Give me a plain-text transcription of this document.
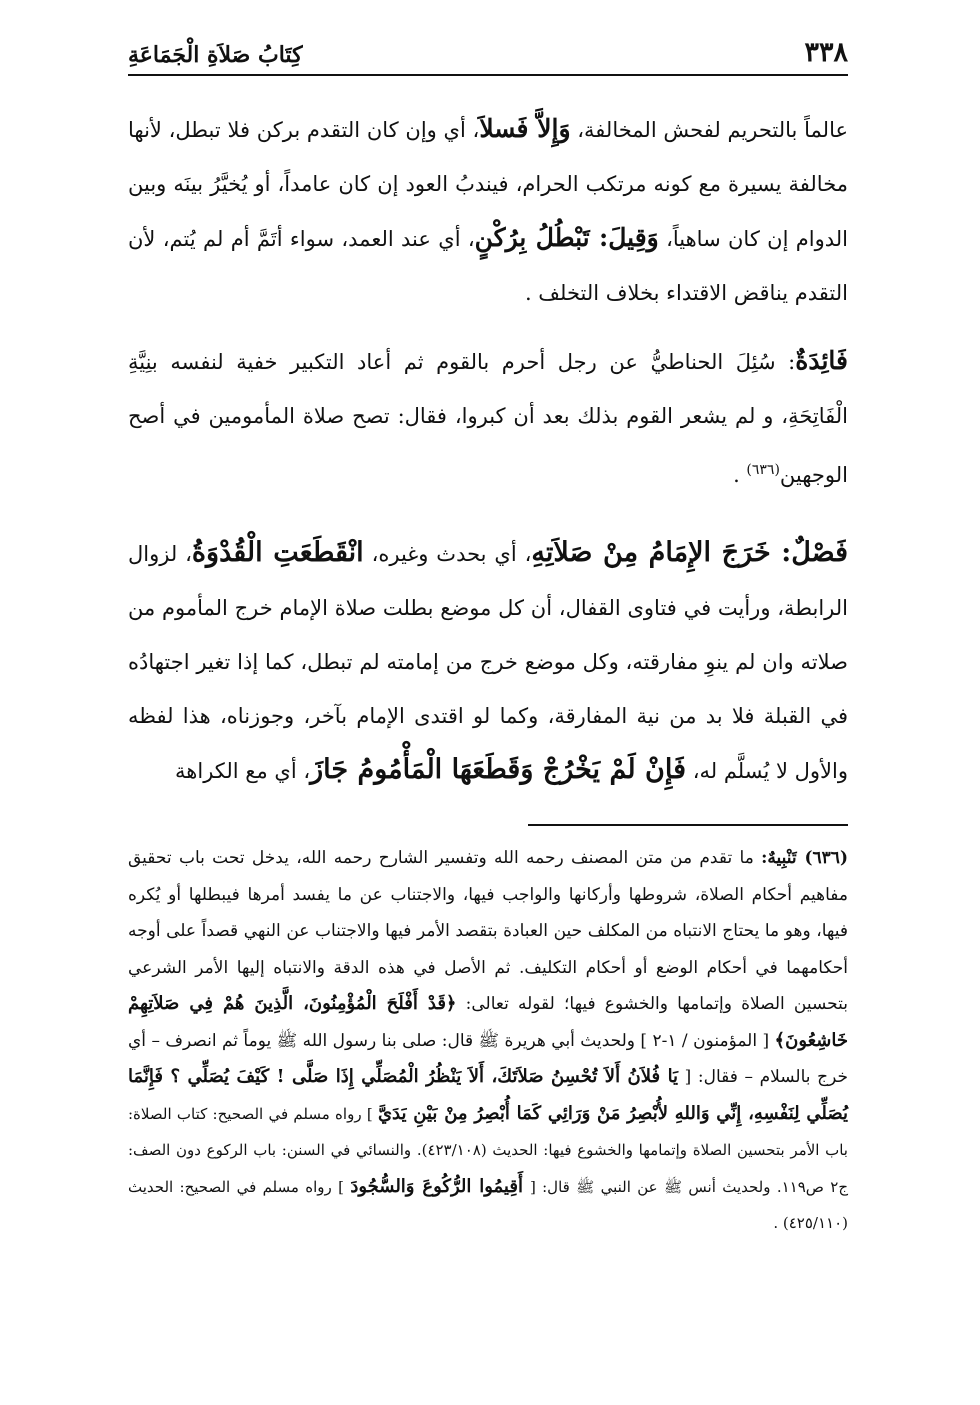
٣٣٨
كِتَابُ صَلاَةِ الْجَمَاعَةِ

عالماً بالتحريم لفحش المخالفة، وَإِلاَّ فَسلاَ، أي وإن كان التقدم بركن فلا تبطل، لأنها مخالفة يسيرة مع كونه مرتكب الحرام، فيندبُ العود إن كان عامداً، أو يُخيَّرُ بينَه وبين الدوام إن كان ساهياً، وَقِيلَ: تَبْطُلُ بِرُكْنٍ، أي عند العمد، سواء أتَمَّ أم لم يُتم، لأن التقدم يناقض الاقتداء بخلاف التخلف .

فَائِدَةٌ: سُئِلَ الحناطيُّ عن رجل أحرم بالقوم ثم أعاد التكبير خفية لنفسه بنِيَّةِ الْفَاتِحَةِ، و لم يشعر القوم بذلك بعد أن كبروا، فقال: تصح صلاة المأمومين في أصح الوجهين$^{(٦٣٦)}$ .

فَصْلٌ: خَرَجَ الإِمَامُ مِنْ صَلاَتِهِ، أي بحدث وغيره، انْقَطَعَتِ الْقُدْوَةُ، لزوال الرابطة، ورأيت في فتاوى القفال، أن كل موضع بطلت صلاة الإمام خرج المأموم من صلاته وان لم ينوِ مفارقته، وكل موضع خرج من إمامته لم تبطل، كما إذا تغير اجتهادُه في القبلة فلا بد من نية المفارقة، وكما لو اقتدى الإمام بآخر، وجوزناه، هذا لفظه والأول لا يُسلَّم له، فَإِنْ لَمْ يَخْرُجْ وَقَطَعَهَا الْمَأْمُومُ جَازَ، أي مع الكراهة

(٦٣٦) تَنْبِيهٌ: ما تقدم من متن المصنف رحمه الله وتفسير الشارح رحمه الله، يدخل تحت باب تحقيق مفاهيم أحكام الصلاة، شروطها وأركانها والواجب فيها، والاجتناب عن ما يفسد أمرها فيبطلها أو يُكره فيها، وهو ما يحتاج الانتباه من المكلف حين العبادة بتقصد الأمر فيها والاجتناب عن النهي قصداً على أوجه أحكامهما في أحكام الوضع أو أحكام التكليف. ثم الأصل في هذه الدقة والانتباه إليها الأمر الشرعي بتحسين الصلاة وإتمامها والخشوع فيها؛ لقوله تعالى: ﴿قَدْ أَفْلَحَ الْمُؤْمِنُونَ، الَّذِينَ هُمْ فِي صَلاَتِهِمْ خَاشِعُونَ﴾ [ المؤمنون / ١-٢ ] ولحديث أبي هريرة ﷺ قال: صلى بنا رسول الله ﷺ يوماً ثم انصرف – أي خرج بالسلام – فقال: [ يَا فُلاَنُ أَلاَ تُحْسِنُ صَلاَتَكَ، أَلاَ يَنْظُرُ الْمُصَلِّي إِذَا صَلَّى ! كَيْفَ يُصَلِّي ؟ فَإِنَّمَا يُصَلِّي لِنَفْسِهِ، إِنِّي وَاللهِ لأُبْصِرُ مَنْ وَرَائِي كَمَا أُبْصِرُ مِنْ بَيْنِ يَدَيَّ ] رواه مسلم في الصحيح: كتاب الصلاة: باب الأمر بتحسين الصلاة وإتمامها والخشوع فيها: الحديث (٤٢٣/١٠٨). والنسائي في السنن: باب الركوع دون الصف: ج٢ ص١١٩. ولحديث أنس ﷺ عن النبي ﷺ قال: [ أَقِيمُوا الرُّكُوعَ وَالسُّجُودَ ] رواه مسلم في الصحيح: الحديث (٤٢٥/١١٠) .
